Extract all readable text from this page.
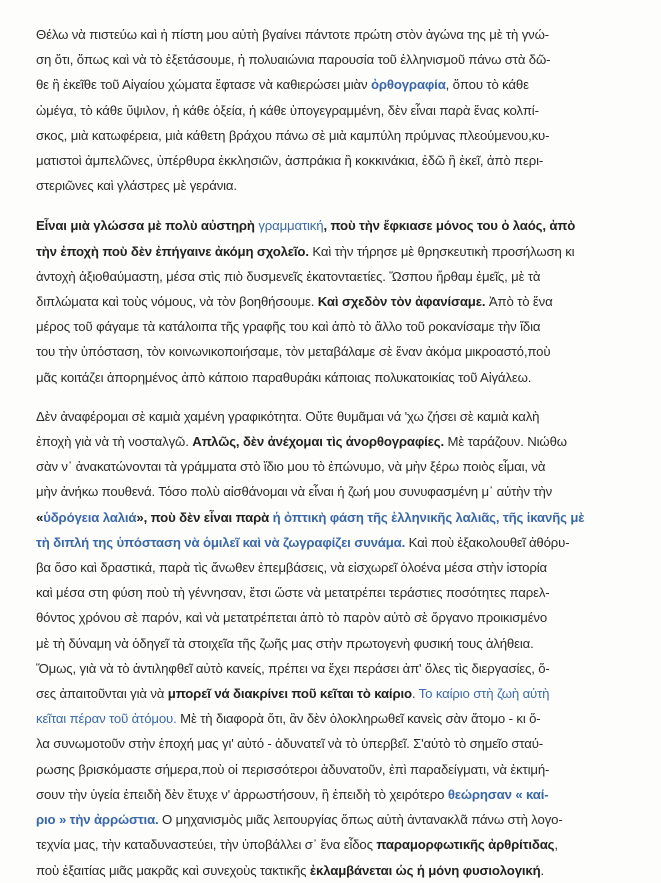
Θέλω νὰ πιστεύω καὶ ἡ πίστη μου αὐτὴ βγαίνει πάντοτε πρώτη στὸν ἀγώνα της μὲ τὴ γνώ-
ση ὅτι, ὅπως καὶ νὰ τὸ ἐξετάσουμε, ἡ πολυαιώνια παρουσία τοῦ ἑλληνισμοῦ πάνω στὰ δῶ-
θε ἢ ἐκεῖθε τοῦ Αἰγαίου χώματα ἔφτασε νὰ καθιερώσει μιὰν ὀρθογραφία, ὅπου τὸ κάθε
ὠμέγα, τὸ κάθε ὕψιλον, ἡ κάθε ὀξεία, ἡ κάθε ὑπογεγραμμένη, δὲν εἶναι παρὰ ἕνας κολπί-
σκος, μιὰ κατωφέρεια, μιὰ κάθετη βράχου πάνω σὲ μιὰ καμπύλη πρύμνας πλεούμενου,κυ-
ματιστοὶ ἀμπελῶνες, ὑπέρθυρα ἐκκλησιῶν, ἀσπράκια ἢ κοκκινάκια, ἐδῶ ἢ ἐκεῖ, ἀπὸ περι-
στεριῶνες καὶ γλάστρες μὲ γεράνια.

Εἶναι μιὰ γλώσσα μὲ πολὺ αὐστηρὴ γραμματική, ποὺ τὴν ἔφκιασε μόνος του ὁ λαός, ἀπὸ
τὴν ἐποχὴ ποὺ δὲν ἐπήγαινε ἀκόμη σχολεῖο. Καὶ τὴν τήρησε μὲ θρησκευτικὴ προσήλωση κι
ἀντοχὴ ἀξιοθαύμαστη, μέσα στὶς πιὸ δυσμενεῖς ἑκατονταετίες. Ὥσπου ἤρθαμ ἐμεῖς, μὲ τὰ
διπλώματα καὶ τοὺς νόμους, νὰ τὸν βοηθήσουμε. Καὶ σχεδὸν τὸν ἀφανίσαμε. Ἀπὸ τὸ ἕνα
μέρος τοῦ φάγαμε τὰ κατάλοιπα τῆς γραφῆς του καὶ ἀπὸ τὸ ἄλλο τοῦ ροκανίσαμε τὴν ἴδια
του τὴν ὑπόσταση, τὸν κοινωνικοποιήσαμε, τὸν μεταβάλαμε σὲ ἕναν ἀκόμα μικροαστό,ποὺ
μᾶς κοιτάζει ἀπορημένος ἀπὸ κάποιο παραθυράκι κάποιας πολυκατοικίας τοῦ Αἰγάλεω.

Δὲν ἀναφέρομαι σὲ καμιὰ χαμένη γραφικότητα. Οὔτε θυμᾶμαι νά 'χω ζήσει σὲ καμιὰ καλὴ
ἐποχὴ γιὰ νὰ τὴ νοσταλγῶ. Απλῶς, δὲν ἀνέχομαι τὶς ἀνορθογραφίες. Μὲ ταράζουν. Νιώθω
σὰν ν᾽ ἀνακατώνονται τὰ γράμματα στὸ ἴδιο μου τὸ ἐπώνυμο, νὰ μὴν ξέρω ποιὸς εἶμαι, νὰ
μὴν ἀνήκω πουθενά. Τόσο πολὺ αἰσθάνομαι νὰ εἶναι ἡ ζωή μου συνυφασμένη μ᾽ αὐτὴν τὴν
«ὑδρόγεια λαλιά», ποὺ δὲν εἶναι παρὰ ἡ ὀπτικὴ φάση τῆς ἑλληνικῆς λαλιᾶς, τῆς ἱκανῆς μὲ
τὴ διπλή της ὑπόσταση νὰ ὁμιλεῖ καὶ νὰ ζωγραφίζει συνάμα. Καὶ ποὺ ἐξακολουθεῖ ἀθόρυ-
βα ὅσο καὶ δραστικά, παρὰ τὶς ἄνωθεν ἐπεμβάσεις, νὰ εἰσχωρεῖ ὁλοένα μέσα στὴν ἱστορία
καὶ μέσα στη φύση ποὺ τὴ γέννησαν, ἔτσι ὥστε νὰ μετατρέπει τεράστιες ποσότητες παρελ-
θόντος χρόνου σὲ παρόν, καὶ νὰ μετατρέπεται ἀπὸ τὸ παρὸν αὐτὸ σὲ ὄργανο προικισμένο
μὲ τὴ δύναμη νὰ ὁδηγεῖ τὰ στοιχεῖα τῆς ζωῆς μας στὴν πρωτογενὴ φυσική τους ἀλήθεια.
Ὅμως, γιὰ νὰ τὸ ἀντιληφθεῖ αὐτὸ κανείς, πρέπει να ἔχει περάσει ἀπ' ὅλες τὶς διεργασίες, ὅ-
σες ἀπαιτοῦνται γιὰ νὰ μπορεῖ νά διακρίνει ποῦ κεῖται τὸ καίριο. Το καίριο στὴ ζωὴ αὐτὴ
κεῖται πέραν τοῦ ἀτόμου. Μὲ τὴ διαφορὰ ὅτι, ἂν δὲν ὁλοκληρωθεῖ κανεὶς σὰν ἄτομο - κι ὅ-
λα συνωμοτοῦν στὴν ἐποχή μας γι' αὐτό - ἀδυνατεῖ νὰ τὸ ὑπερβεῖ. Σ'αὐτὸ τὸ σημεῖο σταύ-
ρωσης βρισκόμαστε σήμερα,ποὺ οἱ περισσότεροι ἀδυνατοῦν, ἐπὶ παραδείγματι, νὰ ἐκτιμή-
σουν τὴν ὑγεία ἐπειδὴ δὲν ἔτυχε ν' ἀρρωστήσουν, ἢ ἐπειδὴ τὸ χειρότερο θεώρησαν « καί-
ριο » τὴν ἀρρώστια. Ο μηχανισμὸς μιᾶς λειτουργίας ὅπως αὐτὴ ἀντανακλᾶ πάνω στὴ λογο-
τεχνία μας, τὴν καταδυναστεύει, τὴν ὑποβάλλει σ᾽ ἕνα εἶδος παραμορφωτικῆς ἀρθρίτιδας,
ποὺ ἐξαιτίας μιᾶς μακρᾶς καὶ συνεχοὺς τακτικῆς ἐκλαμβάνεται ὡς ἡ μόνη φυσιολογική.
